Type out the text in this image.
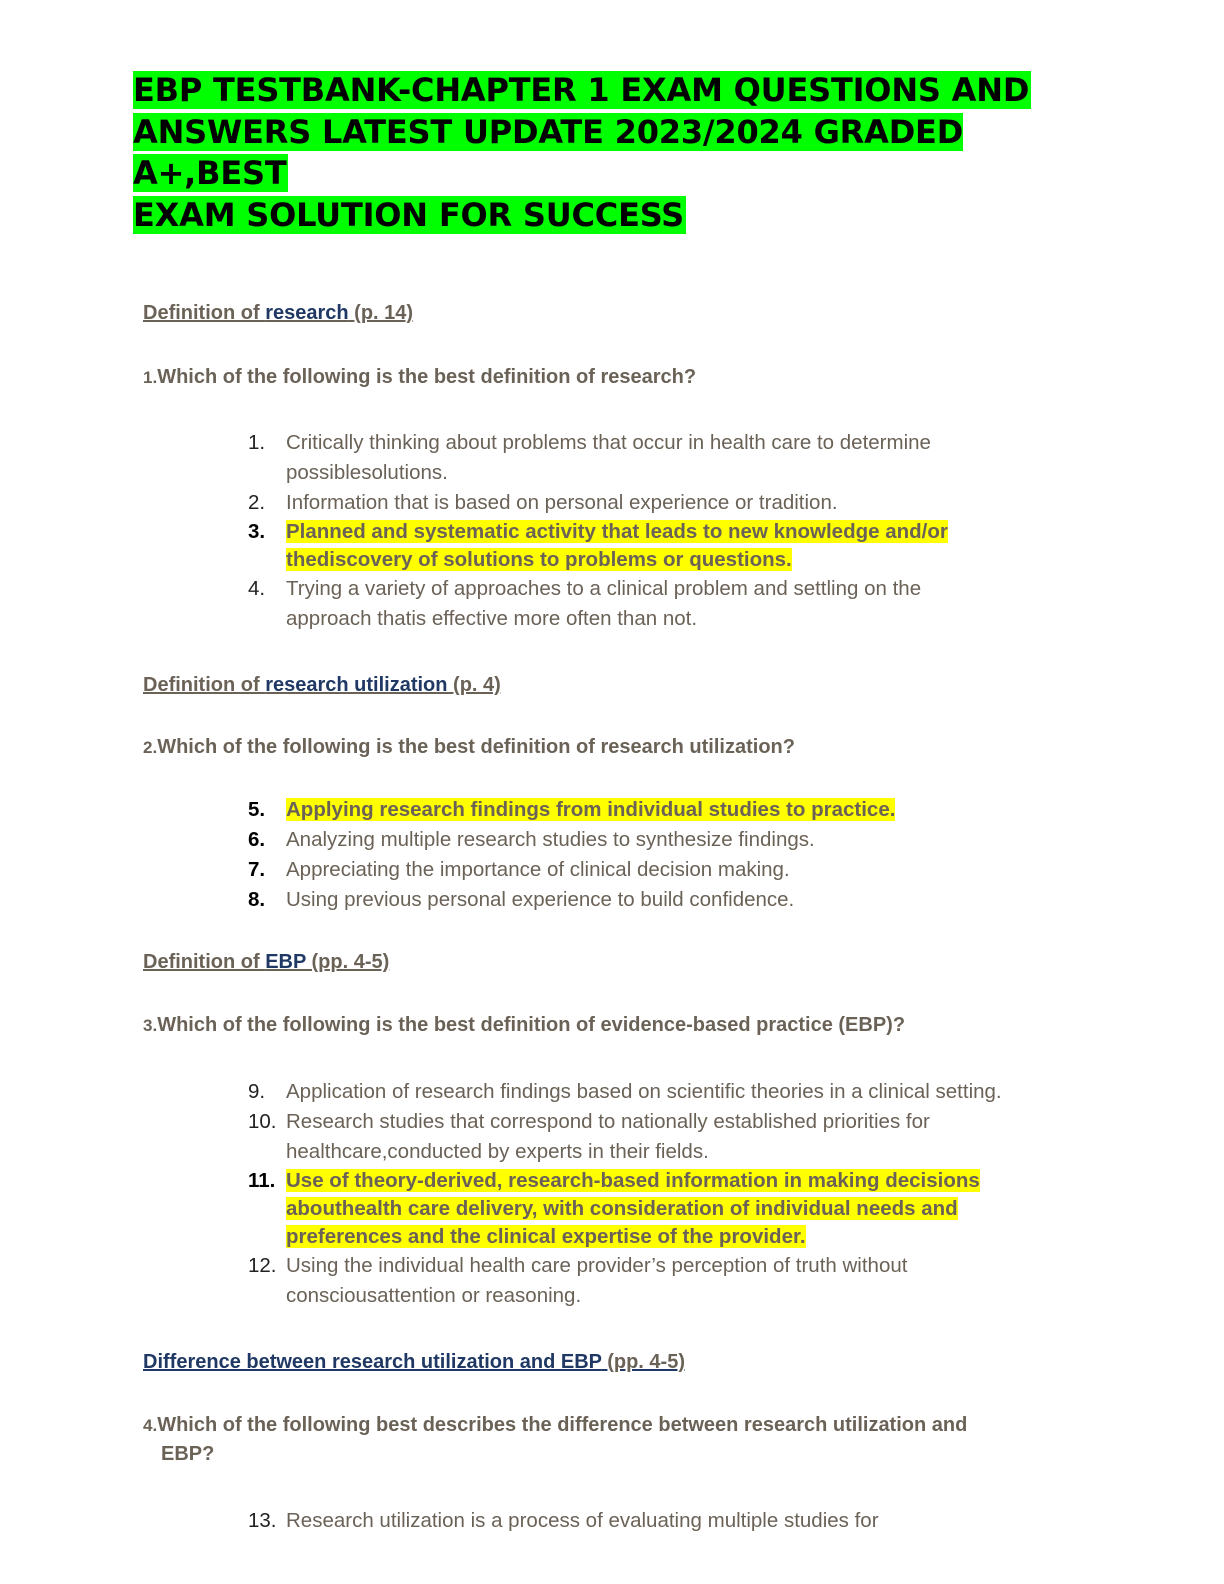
EBP TESTBANK-CHAPTER 1 EXAM QUESTIONS AND
ANSWERS LATEST UPDATE 2023/2024 GRADED A+,BEST
EXAM SOLUTION FOR SUCCESS
Definition of research (p. 14)
1.Which of the following is the best definition of research?
1. Critically thinking about problems that occur in health care to determine
possiblesolutions.
2. Information that is based on personal experience or tradition.
3. Planned and systematic activity that leads to new knowledge and/or
thediscovery of solutions to problems or questions.
4. Trying a variety of approaches to a clinical problem and settling on the
approach thatis effective more often than not.
Definition of research utilization (p. 4)
2.Which of the following is the best definition of research utilization?
5. Applying research findings from individual studies to practice.
6. Analyzing multiple research studies to synthesize findings.
7. Appreciating the importance of clinical decision making.
8. Using previous personal experience to build confidence.
Definition of EBP (pp. 4-5)
3.Which of the following is the best definition of evidence-based practice (EBP)?
9. Application of research findings based on scientific theories in a clinical setting.
10. Research studies that correspond to nationally established priorities for
healthcare,conducted by experts in their fields.
11. Use of theory-derived, research-based information in making decisions
abouthealth care delivery, with consideration of individual needs and
preferences and the clinical expertise of the provider.
12. Using the individual health care provider’s perception of truth without
consciousattention or reasoning.
Difference between research utilization and EBP (pp. 4-5)
4.Which of the following best describes the difference between research utilization and
EBP?
13. Research utilization is a process of evaluating multiple studies for
